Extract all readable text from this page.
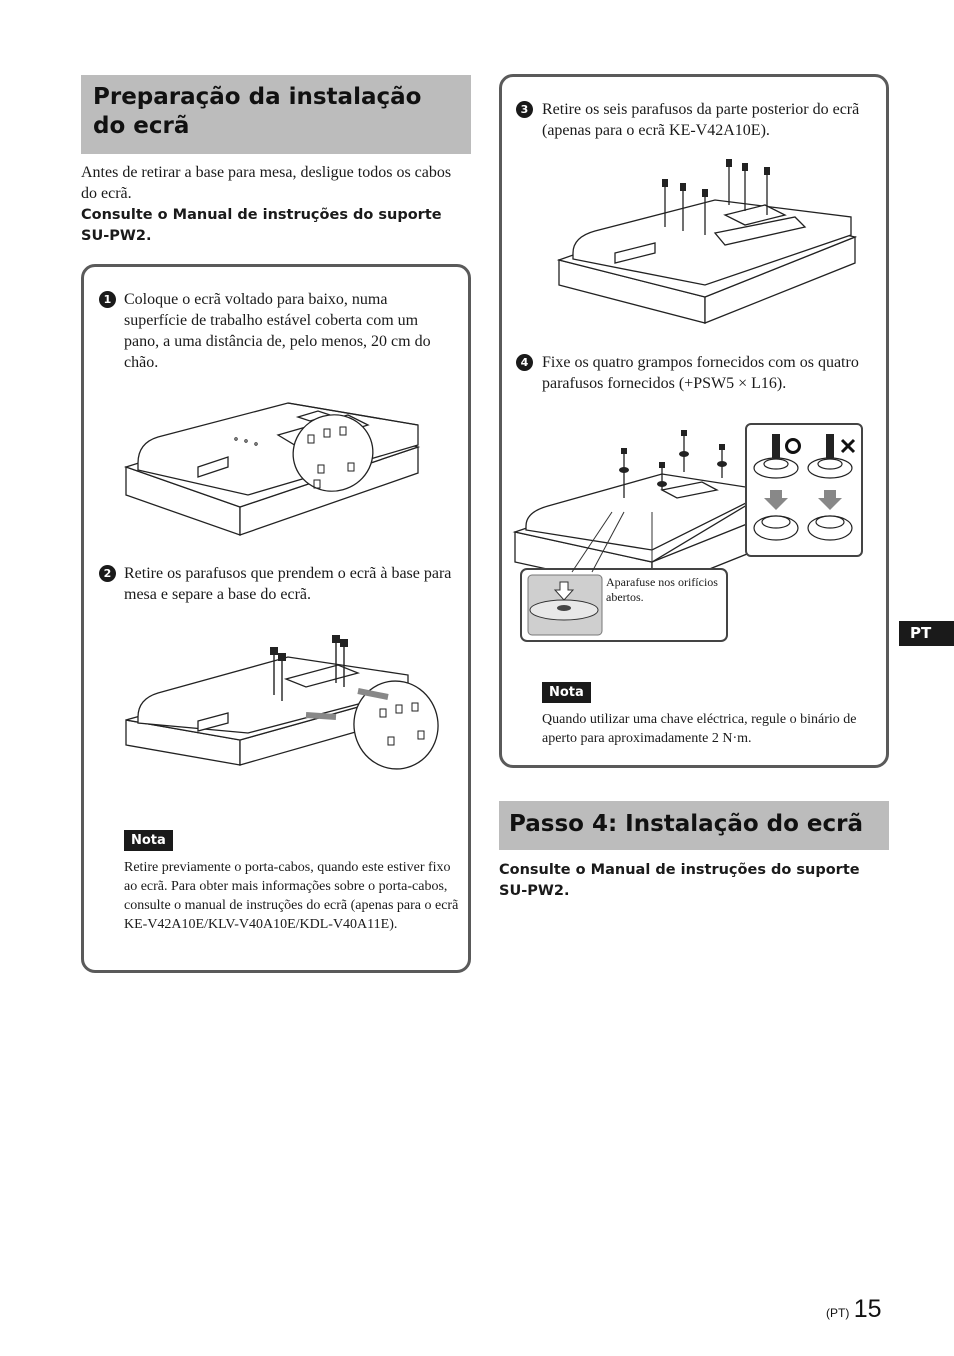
Preparação da instalação do ecrã
Antes de retirar a base para mesa, desligue todos os cabos do ecrã.
Consulte o Manual de instruções do suporte SU-PW2.
1 Coloque o ecrã voltado para baixo, numa superfície de trabalho estável coberta com um pano, a uma distância de, pelo menos, 20 cm do chão.
2 Retire os parafusos que prendem o ecrã à base para mesa e separe a base do ecrã.
Nota
Retire previamente o porta-cabos, quando este estiver fixo ao ecrã. Para obter mais informações sobre o porta-cabos, consulte o manual de instruções do ecrã (apenas para o ecrã KE-V42A10E/KLV-V40A10E/KDL-V40A11E).
3 Retire os seis parafusos da parte posterior do ecrã (apenas para o ecrã KE-V42A10E).
4 Fixe os quatro grampos fornecidos com os quatro parafusos fornecidos (+PSW5 × L16).
Aparafuse nos orifícios abertos.
Nota
Quando utilizar uma chave eléctrica, regule o binário de aperto para aproximadamente 2 N·m.
Passo 4: Instalação do ecrã
Consulte o Manual de instruções do suporte SU-PW2.
PT
(PT) 15
